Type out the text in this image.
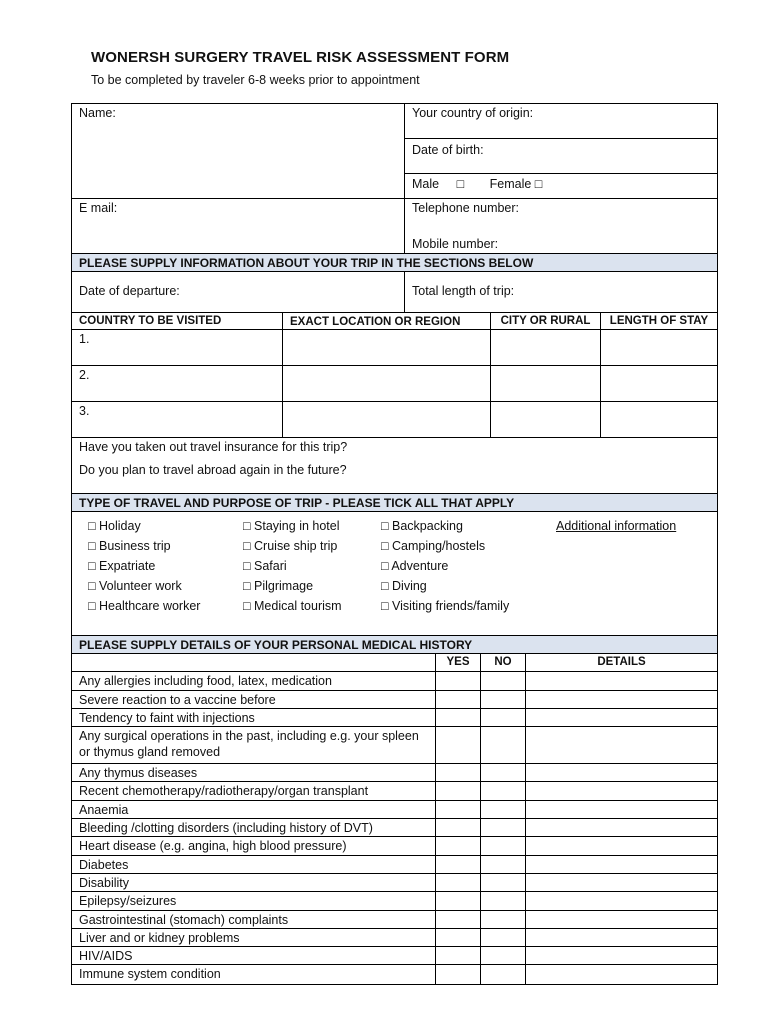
WONERSH SURGERY TRAVEL RISK ASSESSMENT FORM
To be completed by traveler 6-8 weeks prior to appointment
Name:	Your country of origin:
Date of birth:
Male □ Female □
E mail:	Telephone number:
Mobile number:
PLEASE SUPPLY INFORMATION ABOUT YOUR TRIP IN THE SECTIONS BELOW
Date of departure:	Total length of trip:
COUNTRY TO BE VISITED	EXACT LOCATION OR REGION	CITY OR RURAL	LENGTH OF STAY
1.
2.
3.
Have you taken out travel insurance for this trip?
Do you plan to travel abroad again in the future?
TYPE OF TRAVEL AND PURPOSE OF TRIP - PLEASE TICK ALL THAT APPLY
□ Holiday	□ Staying in hotel	□ Backpacking	Additional information
□ Business trip	□ Cruise ship trip	□ Camping/hostels
□ Expatriate	□ Safari	□ Adventure
□ Volunteer work	□ Pilgrimage	□ Diving
□ Healthcare worker	□ Medical tourism	□ Visiting friends/family
PLEASE SUPPLY DETAILS OF YOUR PERSONAL MEDICAL HISTORY
YES	NO	DETAILS
Any allergies including food, latex, medication
Severe reaction to a vaccine before
Tendency to faint with injections
Any surgical operations in the past, including e.g. your spleen or thymus gland removed
Any thymus diseases
Recent chemotherapy/radiotherapy/organ transplant
Anaemia
Bleeding /clotting disorders (including history of DVT)
Heart disease (e.g. angina, high blood pressure)
Diabetes
Disability
Epilepsy/seizures
Gastrointestinal (stomach) complaints
Liver and or kidney problems
HIV/AIDS
Immune system condition
